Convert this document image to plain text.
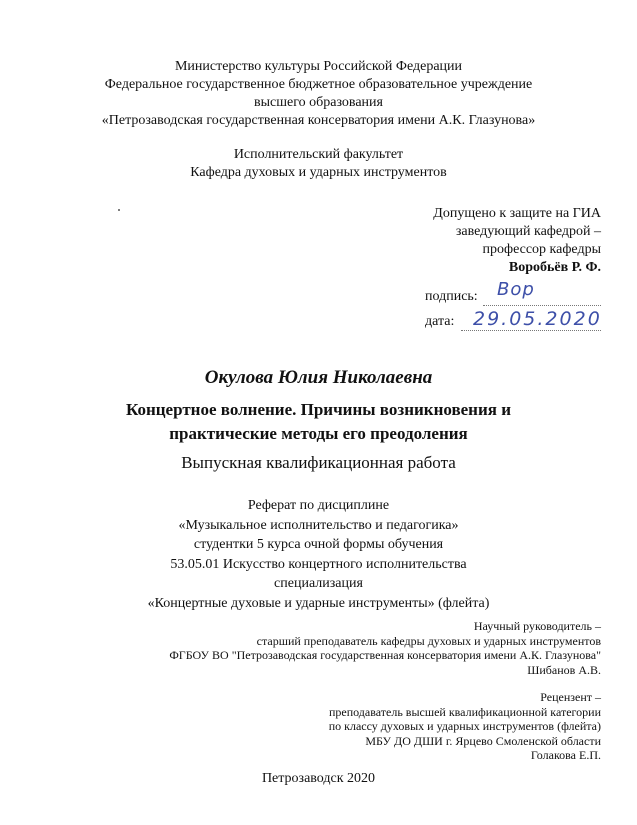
Министерство культуры Российской Федерации
Федеральное государственное бюджетное образовательное учреждение
высшего образования
«Петрозаводская государственная консерватория имени А.К. Глазунова»
Исполнительский факультет
Кафедра духовых и ударных инструментов
Допущено к защите на ГИА
заведующий кафедрой –
профессор кафедры
Воробьёв Р. Ф.
подпись: Вор
дата: 29.05.2020
Окулова Юлия Николаевна
Концертное волнение. Причины возникновения и
практические методы его преодоления
Выпускная квалификационная работа
Реферат по дисциплине
«Музыкальное исполнительство и педагогика»
студентки 5 курса очной формы обучения
53.05.01 Искусство концертного исполнительства
специализация
«Концертные духовые и ударные инструменты» (флейта)
Научный руководитель –
старший преподаватель кафедры духовых и ударных инструментов
ФГБОУ ВО "Петрозаводская государственная консерватория имени А.К. Глазунова"
Шибанов А.В.
Рецензент –
преподаватель высшей квалификационной категории
по классу духовых и ударных инструментов (флейта)
МБУ ДО ДШИ г. Ярцево Смоленской области
Голакова Е.П.
Петрозаводск 2020
